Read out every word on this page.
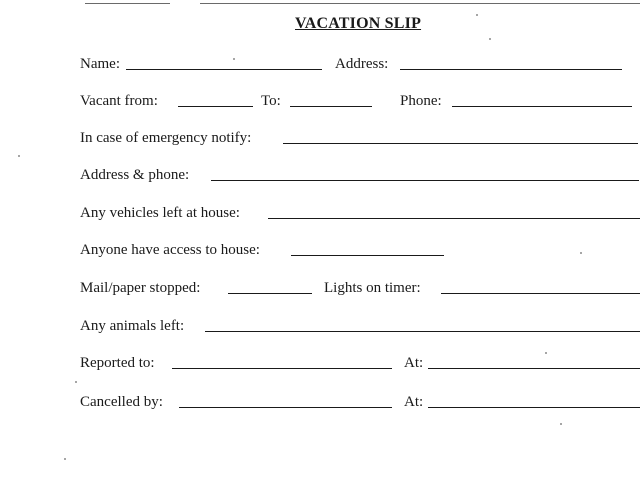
VACATION SLIP
Name:	Address:
Vacant from:	To:	Phone:
In case of emergency notify:
Address & phone:
Any vehicles left at house:
Anyone have access to house:
Mail/paper stopped:	Lights on timer:
Any animals left:
Reported to:	At:
Cancelled by:	At:
